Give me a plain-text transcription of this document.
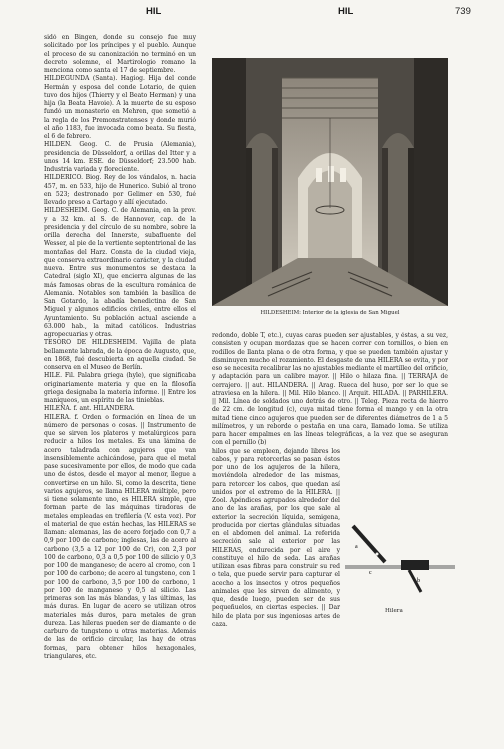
HIL	HIL	739

sidó en Bingen, donde su consejo fue muy solicitado por los príncipes y el pueblo. Aunque el proceso de su canonización no terminó en un decreto solemne, el Martirologio romano la menciona como santa el 17 de septiembre.

HILDEGUNDA (Santa). Hagiog. Hija del conde Hermán y esposa del conde Lotario, de quien tuvo dos hijos (Thierry y el Beato Herman) y una hija (la Beata Havoie). A la muerte de su esposo fundó un monasterio en Mehren, que sometió a la regla de los Premonstratenses y donde murió el año 1183, fue invocada como beata. Su fiesta, el 6 de febrero.

HILDEN. Geog. C. de Prusia (Alemania), presidencia de Düsseldorf, a orillas del Itter y a unos 14 km. ESE. de Düsseldorf; 23.500 hab. Industria variada y floreciente.

HILDERICO. Biog. Rey de los vándalos, n. hacia 457, m. en 533, hijo de Hunerico. Subió al trono en 523; destronado por Gelimer en 530, fué llevado preso a Cartago y allí ejecutado.

HILDESHEIM. Geog. C. de Alemania, en la prov. y a 32 km. al S. de Hannover, cap. de la presidencia y del círculo de su nombre, sobre la orilla derecha del Innerste, subafluente del Wesser, al pie de la vertiente septentrional de las montañas del Harz. Consta de la ciudad vieja, que conserva extraordinario carácter, y la ciudad nueva. Entre sus monumentos se destaca la Catedral (siglo XI), que encierra algunas de las más famosas obras de la escultura románica de Alemania. Notables son también la basílica de San Gotardo, la abadía benedictina de San Miguel y algunos edificios civiles, entre ellos el Ayuntamiento. Su población actual asciende a 63.000 hab., la mitad católicos. Industrias agropecuarias y otras.

TESORO DE HILDESHEIM. Vajilla de plata bellamente labrada, de la época de Augusto, que, en 1868, fué descubierta en aquella ciudad. Se conserva en el Museo de Berlín.

HILE. Fil. Palabra griega (hyle), que significaba originariamente materia y que en la filosofía griega designaba la materia informe. || Entre los maniqueos, un espíritu de las tinieblas.

HILEÑA. f. ant. HILANDERA.

HILERA. f. Orden o formación en línea de un número de personas o cosas. || Instrumento de que se sirven los plateros y metalúrgicos para reducir a hilos los metales. Es una lámina de acero taladrada con agujeros que van insensiblemente achicándose, para que el metal pase sucesivamente por ellos, de modo que cada uno de éstos, desde el mayor al menor, llegue a convertirse en un hilo. Si, como la descrita, tiene varios agujeros, se llama HILERA múltiple, pero si tiene solamente uno, es HILERA simple, que forman parte de las máquinas tiradoras de metales empleadas en trefilería (V. esta voz). Por el material de que están hechas, las HILERAS se llaman: alemanas, las de acero forjado con 0,7 a 0,9 por 100 de carbono; inglesas, las de acero al carbono (3,5 a 12 por 100 de Cr), con 2,3 por 100 de carbono, 0,3 a 0,5 por 100 de silicio y 0,3 por 100 de manganeso; de acero al cromo, con 1 por 100 de carbono; de acero al tungsteno, con 1 por 100 de carbono, 3,5 por 100 de carbono, 1 por 100 de manganeso y 0,5 al silicio. Las primeras son las más blandas, y las últimas, las más duras. En lugar de acero se utilizan otros materiales más duros, para metales de gran dureza. Las hileras pueden ser de diamante o de carburo de tungsteno u otras materias. Además de las de orificio circular, las hay de otras formas, para obtener hilos hexagonales, triangulares, etc.

HILDESHEIM: Interior de la iglesia de San Miguel

redondo, doble T, etc.), cuyas caras pueden ser ajustables, y éstas, a su vez, consisten y ocupan mordazas que se hacen correr con tornillos, o bien en rodillos de llanta plana o de otra forma, y que se pueden también ajustar y disminuyen mucho el rozamiento. El desgaste de una HILERA se evita, y por eso se necesita recalibrar las no ajustables mediante el martilleo del orificio, y adaptación para un calibre mayor. || Hilo o hilaza fina. || TERRAJA de cerrajero. || aut. HILANDERA. || Arag. Rueca del huso, por ser lo que se atraviesa en la hilera. || Mil. Hilo blanco. || Arquit. HILADA. || PARHILERA. || Mil. Línea de soldados uno detrás de otro. || Teleg. Pieza recta de hierro de 22 cm. de longitud (c), cuya mitad tiene forma el mango y en la otra mitad tiene cinco agujeros que pueden ser de diferentes diámetros de 1 a 5 milímetros, y un reborde o pestaña en una cara, llamado loma. Se utiliza para hacer empalmes en las líneas telegráficas, a la vez que se aseguran con el pernillo (b)

hilos que se empleen, dejando libres los cabos, y para retorcerlas se pasan éstos por uno de los agujeros de la hilera, moviéndola alrededor de las mismas, para retorcer los cabos, que quedan así unidos por el extremo de la HILERA. || Zool. Apéndices agrupados alrededor del ano de las arañas, por los que sale al exterior la secreción líquida, semigena, producida por ciertas glándulas situadas en el abdomen del animal. La referida secreción sale al exterior por las HILERAS, endurecida por el aire y constituye el hilo de seda. Las arañas utilizan esas fibras para construir su red o tela, que puede servir para capturar el acecho a los insectos y otros pequeños animales que les sirven de alimento, y que, desde luego, pueden ser de sus pequeñuelos, en ciertas especies. || Dar hilo de plata por sus ingeniosas artes de caza.

a
b
c
Hilera
